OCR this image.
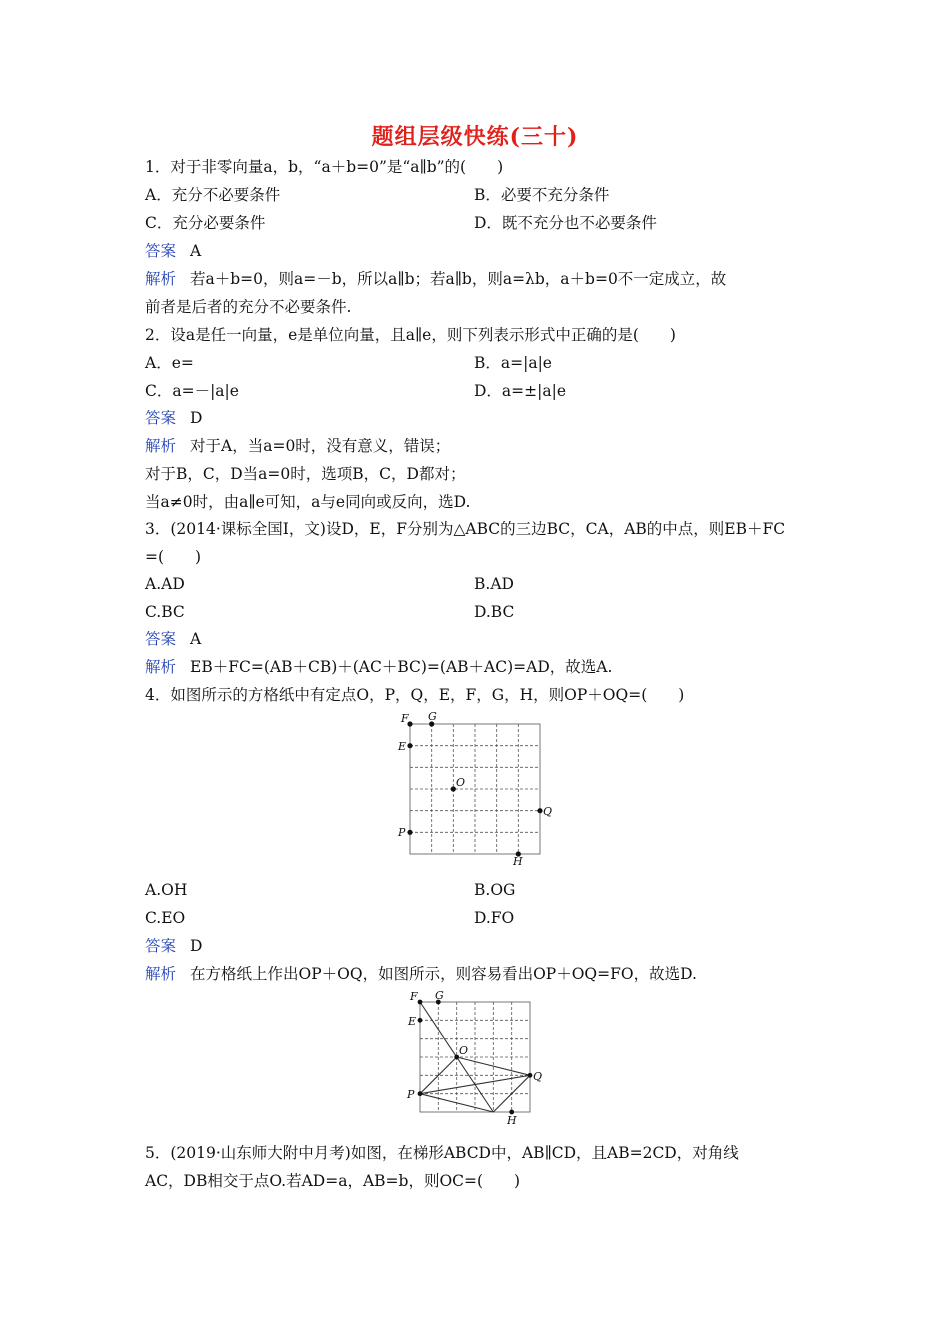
题组层级快练(三十)
1．对于非零向量a，b，“a＋b=0”是“a∥b”的(　　)
A．充分不必要条件	B．必要不充分条件
C．充分必要条件	D．既不充分也不必要条件
答案 A
解析 若a＋b=0，则a=－b，所以a∥b；若a∥b，则a=λb，a＋b=0不一定成立，故
前者是后者的充分不必要条件.
2．设a是任一向量，e是单位向量，且a∥e，则下列表示形式中正确的是(　　)
A．e=	B．a=|a|e
C．a=－|a|e	D．a=±|a|e
答案 D
解析 对于A，当a=0时，没有意义，错误；
对于B，C，D当a=0时，选项B，C，D都对；
当a≠0时，由a∥e可知，a与e同向或反向，选D.
3．(2014·课标全国Ⅰ，文)设D，E，F分别为△ABC的三边BC，CA，AB的中点，则EB＋FC
=(　　)
A.AD	B.AD
C.BC	D.BC
答案 A
解析 EB＋FC=(AB＋CB)＋(AC＋BC)=(AB＋AC)=AD，故选A.
4．如图所示的方格纸中有定点O，P，Q，E，F，G，H，则OP＋OQ=(　　)
F G
E
O
Q
P
H
A.OH	B.OG
C.EO	D.FO
答案 D
解析 在方格纸上作出OP＋OQ，如图所示，则容易看出OP＋OQ=FO，故选D.
F G
E
O
Q
P
H
5．(2019·山东师大附中月考)如图，在梯形ABCD中，AB∥CD，且AB=2CD，对角线
AC，DB相交于点O.若AD=a，AB=b，则OC=(　　)
